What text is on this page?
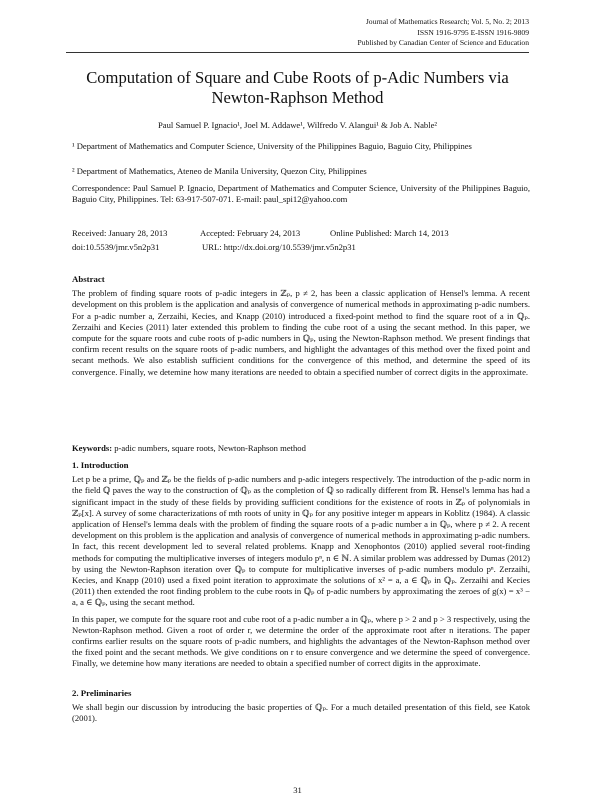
Journal of Mathematics Research; Vol. 5, No. 2; 2013
ISSN 1916-9795 E-ISSN 1916-9809
Published by Canadian Center of Science and Education
Computation of Square and Cube Roots of p-Adic Numbers via Newton-Raphson Method
Paul Samuel P. Ignacio¹, Joel M. Addawe¹, Wilfredo V. Alangui¹ & Job A. Nable²
¹ Department of Mathematics and Computer Science, University of the Philippines Baguio, Baguio City, Philippines
² Department of Mathematics, Ateneo de Manila University, Quezon City, Philippines
Correspondence: Paul Samuel P. Ignacio, Department of Mathematics and Computer Science, University of the Philippines Baguio, Baguio City, Philippines. Tel: 63-917-507-071. E-mail: paul_spi12@yahoo.com
Received: January 28, 2013	Accepted: February 24, 2013	Online Published: March 14, 2013
doi:10.5539/jmr.v5n2p31	URL: http://dx.doi.org/10.5539/jmr.v5n2p31
Abstract

The problem of finding square roots of p-adic integers in ℤₚ, p ≠ 2, has been a classic application of Hensel's lemma. A recent development on this problem is the application and analysis of convergence of numerical methods in approximating p-adic numbers. For a p-adic number a, Zerzaihi, Kecies, and Knapp (2010) introduced a fixed-point method to find the square root of a in ℚₚ. Zerzaihi and Kecies (2011) later extended this problem to finding the cube root of a using the secant method. In this paper, we compute for the square roots and cube roots of p-adic numbers in ℚₚ, using the Newton-Raphson method. We present findings that confirm recent results on the square roots of p-adic numbers, and highlight the advantages of this method over the fixed point and secant methods. We also establish sufficient conditions for the convergence of this method, and determine the speed of its convergence. Finally, we detemine how many iterations are needed to obtain a specified number of correct digits in the approximate.

Keywords: p-adic numbers, square roots, Newton-Raphson method
1. Introduction

Let p be a prime, ℚₚ and ℤₚ be the fields of p-adic numbers and p-adic integers respectively. The introduction of the p-adic norm in the field ℚ paves the way to the construction of ℚₚ as the completion of ℚ so radically different from ℝ. Hensel's lemma has had a significant impact in the study of these fields by providing sufficient conditions for the existence of roots in ℤₚ of polynomials in ℤₚ[x]. A survey of some characterizations of mth roots of unity in ℚₚ for any positive integer m appears in Koblitz (1984). A classic application of Hensel's lemma deals with the problem of finding the square roots of a p-adic number a in ℚₚ, where p ≠ 2. A recent development on this problem is the application and analysis of convergence of numerical methods in approximating p-adic numbers. In fact, this recent development led to several related problems. Knapp and Xenophontos (2010) applied several root-finding methods for computing the multiplicative inverses of integers modulo pⁿ, n ∈ ℕ. A similar problem was addressed by Dumas (2012) by using the Newton-Raphson iteration over ℚₚ to compute for multiplicative inverses of p-adic numbers modulo pⁿ. Zerzaihi, Kecies, and Knapp (2010) used a fixed point iteration to approximate the solutions of x² = a, a ∈ ℚₚ in ℚₚ. Zerzaihi and Kecies (2011) then extended the root finding problem to the cube roots in ℚₚ of p-adic numbers by approximating the zeroes of g(x) = x³ − a, a ∈ ℚₚ, using the secant method.

In this paper, we compute for the square root and cube root of a p-adic number a in ℚₚ, where p > 2 and p > 3 respectively, using the Newton-Raphson method. Given a root of order r, we determine the order of the approximate root after n iterations. The paper confirms earlier results on the square roots of p-adic numbers, and highlights the advantages of the Newton-Raphson method over the fixed point and the secant methods. We give conditions on r to ensure convergence and we determine the speed of convergence. Finally, we detemine how many iterations are needed to obtain a specified number of correct digits in the approximate.

2. Preliminaries

We shall begin our discussion by introducing the basic properties of ℚₚ. For a much detailed presentation of this field, see Katok (2001).

31
